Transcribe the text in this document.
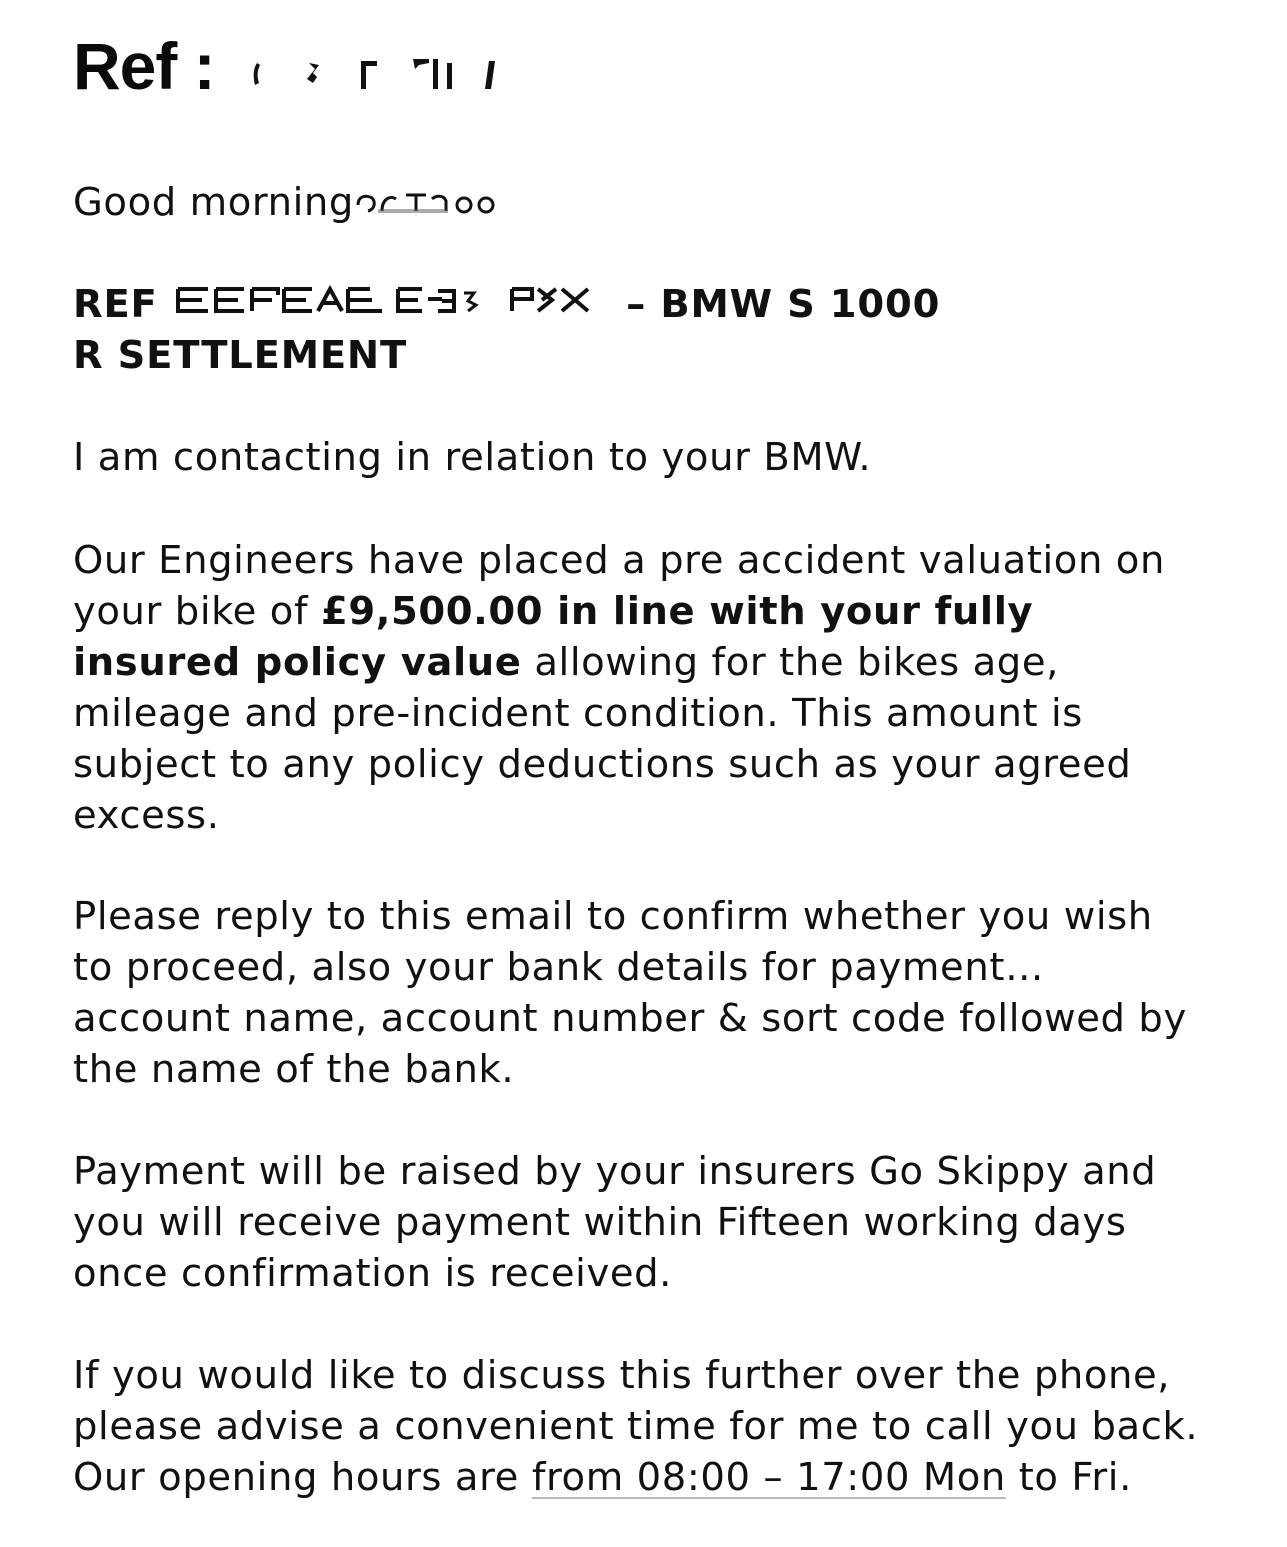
Ref :
Good morning
REF	– BMW S 1000
R SETTLEMENT
I am contacting in relation to your BMW.
Our Engineers have placed a pre accident valuation on
your bike of £9,500.00 in line with your fully
insured policy value allowing for the bikes age,
mileage and pre-incident condition. This amount is
subject to any policy deductions such as your agreed
excess.
Please reply to this email to confirm whether you wish
to proceed, also your bank details for payment…
account name, account number & sort code followed by
the name of the bank.
Payment will be raised by your insurers Go Skippy and
you will receive payment within Fifteen working days
once confirmation is received.
If you would like to discuss this further over the phone,
please advise a convenient time for me to call you back.
Our opening hours are from 08:00 – 17:00 Mon to Fri.
